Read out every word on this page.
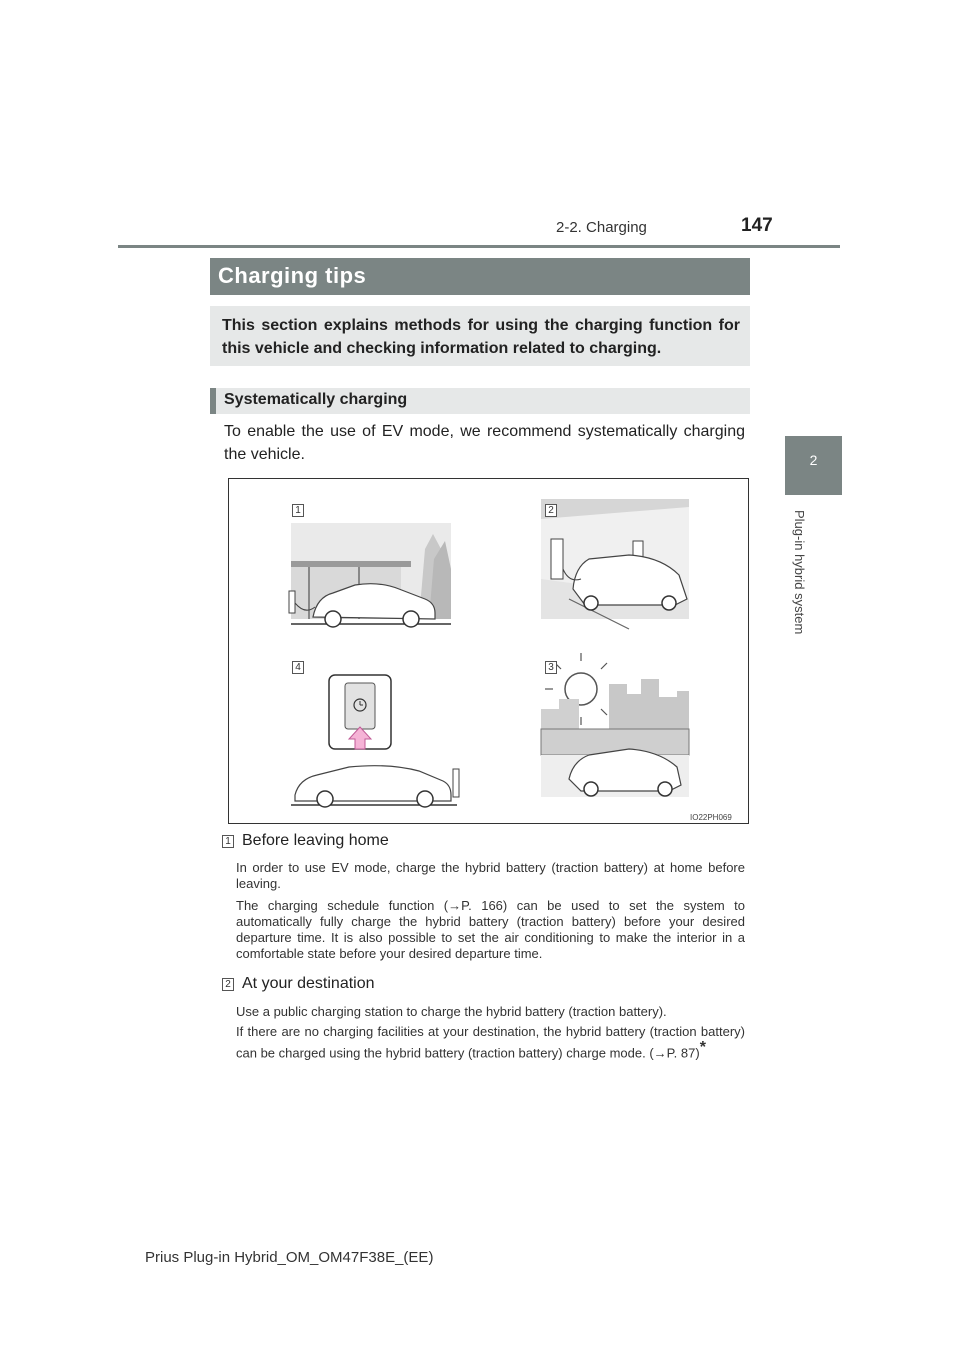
2-2. Charging	147
2
Plug-in hybrid system
Charging tips
This section explains methods for using the charging function for this vehicle and checking information related to charging.
Systematically charging
To enable the use of EV mode, we recommend systematically charging the vehicle.
1	2
3
4
IO22PH069
1 Before leaving home
In order to use EV mode, charge the hybrid battery (traction battery) at home before leaving.
The charging schedule function (→P. 166) can be used to set the system to automatically fully charge the hybrid battery (traction battery) before your desired departure time. It is also possible to set the air conditioning to make the interior in a comfortable state before your desired departure time.
2 At your destination
Use a public charging station to charge the hybrid battery (traction battery).
If there are no charging facilities at your destination, the hybrid battery (traction battery) can be charged using the hybrid battery (traction battery) charge mode. (→P. 87)*
Prius Plug-in Hybrid_OM_OM47F38E_(EE)
